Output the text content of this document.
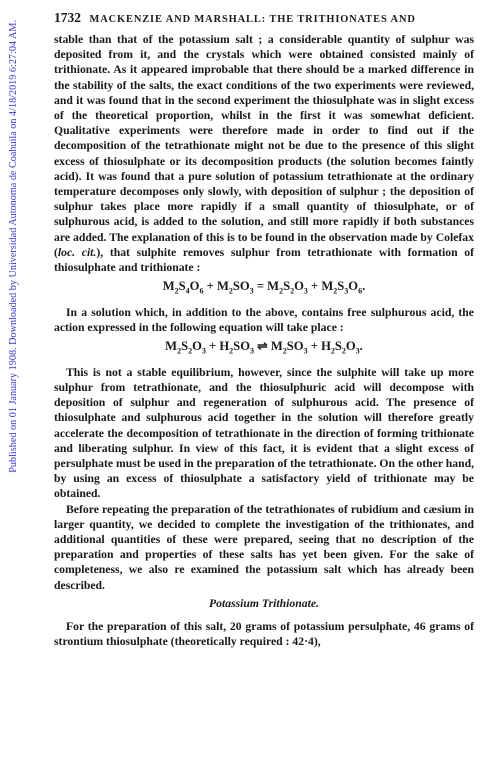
Published on 01 January 1908. Downloaded by Universidad Autonoma de Coahuila on 4/18/2019 6:27:04 AM.
1732 MACKENZIE AND MARSHALL: THE TRITHIONATES AND

stable than that of the potassium salt ; a considerable quantity of sulphur was deposited from it, and the crystals which were obtained consisted mainly of trithionate. As it appeared improbable that there should be a marked difference in the stability of the salts, the exact conditions of the two experiments were reviewed, and it was found that in the second experiment the thiosulphate was in slight excess of the theoretical proportion, whilst in the first it was somewhat deficient. Qualitative experiments were therefore made in order to find out if the decomposition of the tetrathionate might not be due to the presence of this slight excess of thiosulphate or its decomposition products (the solution becomes faintly acid). It was found that a pure solution of potassium tetrathionate at the ordinary temperature decomposes only slowly, with deposition of sulphur ; the deposition of sulphur takes place more rapidly if a small quantity of thiosulphate, or of sulphurous acid, is added to the solution, and still more rapidly if both substances are added. The explanation of this is to be found in the observation made by Colefax (loc. cit.), that sulphite removes sulphur from tetrathionate with formation of thiosulphate and trithionate :

$M_2S_4O_6 + M_2SO_3 = M_2S_2O_3 + M_2S_3O_6$.

In a solution which, in addition to the above, contains free sulphurous acid, the action expressed in the following equation will take place :

$M_2S_2O_3 + H_2SO_3$ ⇌ $M_2SO_3 + H_2S_2O_3$.

This is not a stable equilibrium, however, since the sulphite will take up more sulphur from tetrathionate, and the thiosulphuric acid will decompose with deposition of sulphur and regeneration of sulphurous acid. The presence of thiosulphate and sulphurous acid together in the solution will therefore greatly accelerate the decomposition of tetrathionate in the direction of forming trithionate and liberating sulphur. In view of this fact, it is evident that a slight excess of persulphate must be used in the preparation of the tetrathionate. On the other hand, by using an excess of thiosulphate a satisfactory yield of trithionate may be obtained.

Before repeating the preparation of the tetrathionates of rubidium and cæsium in larger quantity, we decided to complete the investigation of the trithionates, and additional quantities of these were prepared, seeing that no description of the preparation and properties of these salts has yet been given. For the sake of completeness, we also re examined the potassium salt which has already been described.

Potassium Trithionate.

For the preparation of this salt, 20 grams of potassium persulphate, 46 grams of strontium thiosulphate (theoretically required : 42·4),
